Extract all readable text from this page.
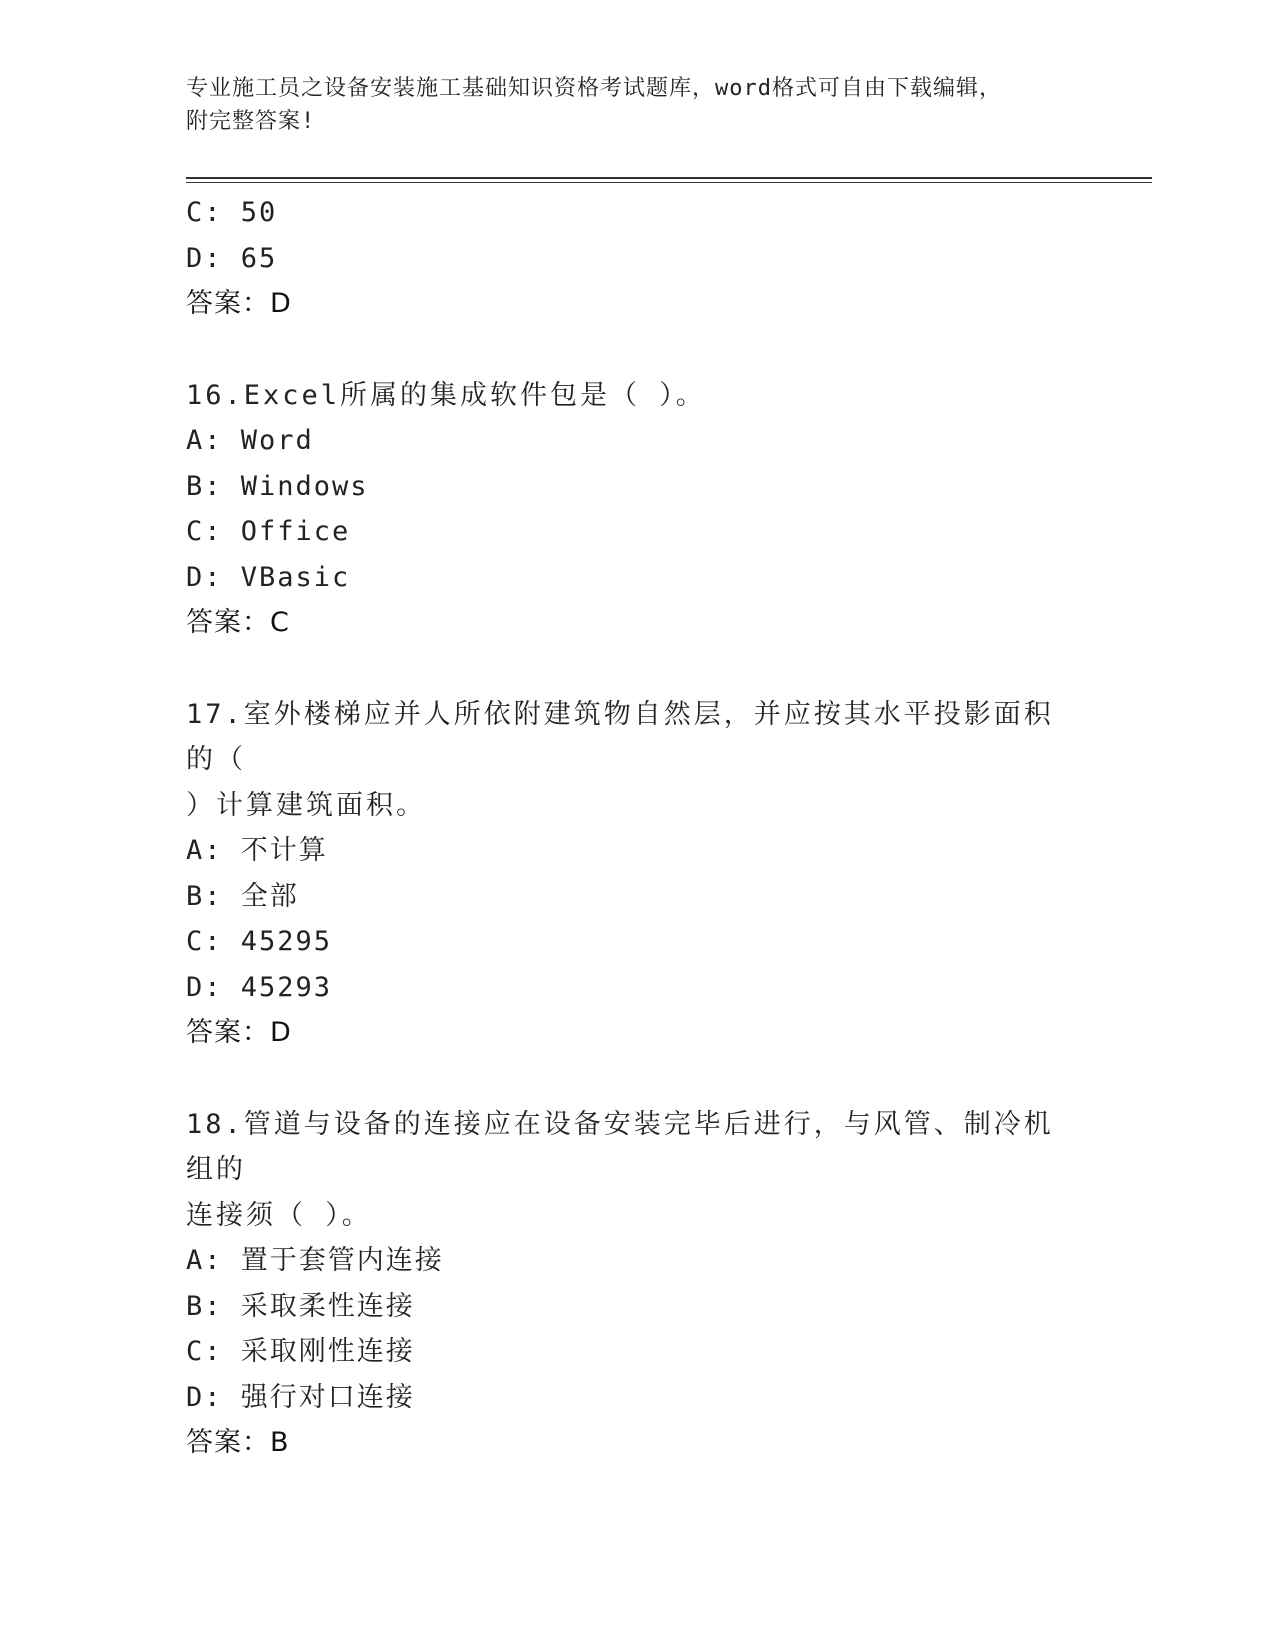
专业施工员之设备安装施工基础知识资格考试题库，word格式可自由下载编辑，
附完整答案!
C: 50
D: 65
答案：D
16.Excel所属的集成软件包是（ ）。
A: Word
B: Windows
C: Office
D: VBasic
答案：C
17.室外楼梯应并人所依附建筑物自然层，并应按其水平投影面积的（
）计算建筑面积。
A: 不计算
B: 全部
C: 45295
D: 45293
答案：D
18.管道与设备的连接应在设备安装完毕后进行，与风管、制冷机组的
连接须（ ）。
A: 置于套管内连接
B: 采取柔性连接
C: 采取刚性连接
D: 强行对口连接
答案：B
